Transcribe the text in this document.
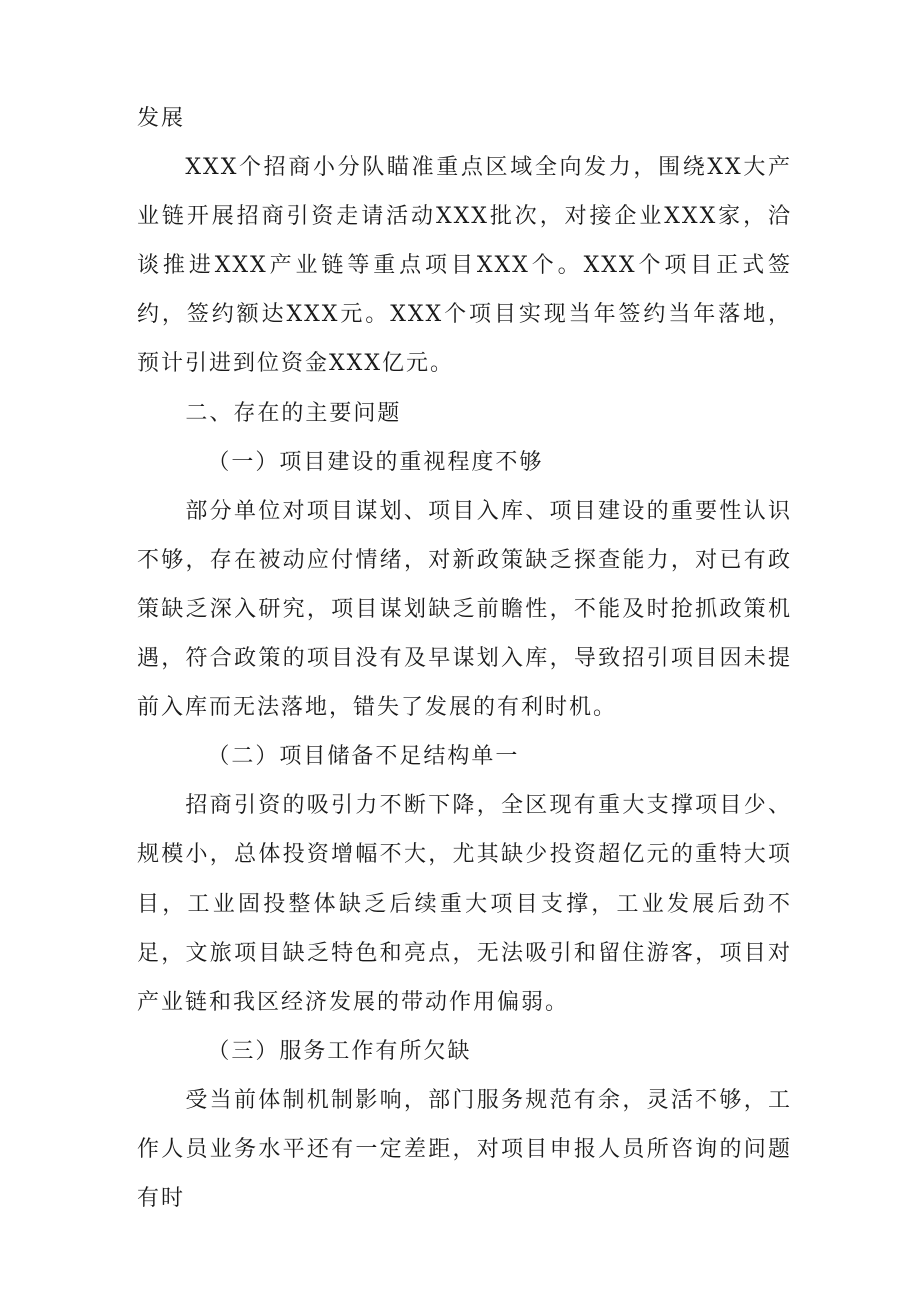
发展

XXX个招商小分队瞄准重点区域全向发力，围绕XX大产业链开展招商引资走请活动XXX批次，对接企业XXX家，洽谈推进XXX产业链等重点项目XXX个。XXX个项目正式签约，签约额达XXX元。XXX个项目实现当年签约当年落地，预计引进到位资金XXX亿元。

二、存在的主要问题

（一）项目建设的重视程度不够

部分单位对项目谋划、项目入库、项目建设的重要性认识不够，存在被动应付情绪，对新政策缺乏探查能力，对已有政策缺乏深入研究，项目谋划缺乏前瞻性，不能及时抢抓政策机遇，符合政策的项目没有及早谋划入库，导致招引项目因未提前入库而无法落地，错失了发展的有利时机。

（二）项目储备不足结构单一

招商引资的吸引力不断下降，全区现有重大支撑项目少、规模小，总体投资增幅不大，尤其缺少投资超亿元的重特大项目，工业固投整体缺乏后续重大项目支撑，工业发展后劲不足，文旅项目缺乏特色和亮点，无法吸引和留住游客，项目对产业链和我区经济发展的带动作用偏弱。

（三）服务工作有所欠缺

受当前体制机制影响，部门服务规范有余，灵活不够，工作人员业务水平还有一定差距，对项目申报人员所咨询的问题有时
